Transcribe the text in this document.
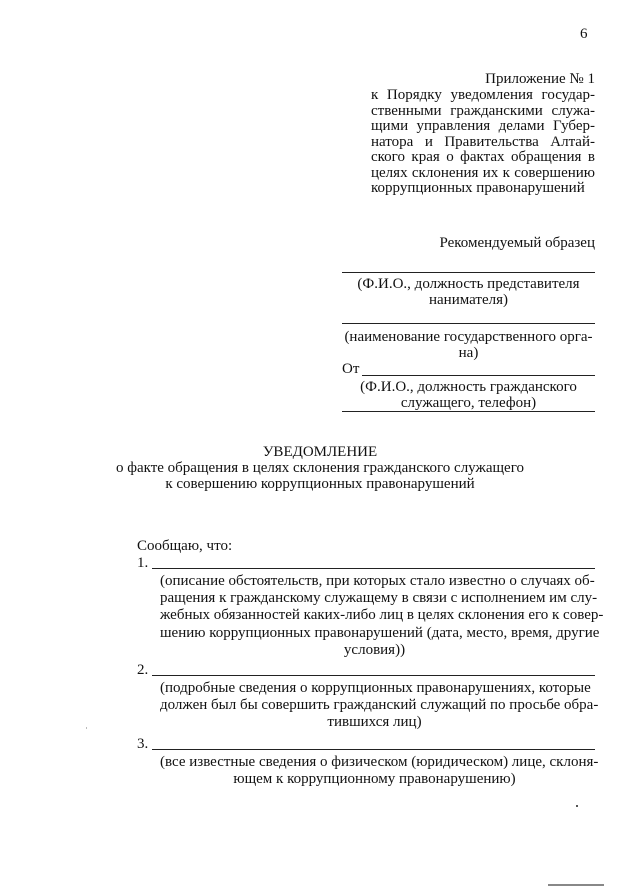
6
Приложение № 1
к Порядку уведомления государ-
ственными гражданскими служа-
щими управления делами Губер-
натора и Правительства Алтай-
ского края о фактах обращения в
целях склонения их к совершению
коррупционных правонарушений
Рекомендуемый образец
(Ф.И.О., должность представителя
нанимателя)
(наименование государственного орга-
на)
От
(Ф.И.О., должность гражданского
служащего, телефон)
УВЕДОМЛЕНИЕ
о факте обращения в целях склонения гражданского служащего
к совершению коррупционных правонарушений
Сообщаю, что:
1.
(описание обстоятельств, при которых стало известно о случаях об-
ращения к гражданскому служащему в связи с исполнением им слу-
жебных обязанностей каких-либо лиц в целях склонения его к совер-
шению коррупционных правонарушений (дата, место, время, другие
условия))
2.
(подробные сведения о коррупционных правонарушениях, которые
должен был бы совершить гражданский служащий по просьбе обра-
тившихся лиц)
3.
(все известные сведения о физическом (юридическом) лице, склоня-
ющем к коррупционному правонарушению)
